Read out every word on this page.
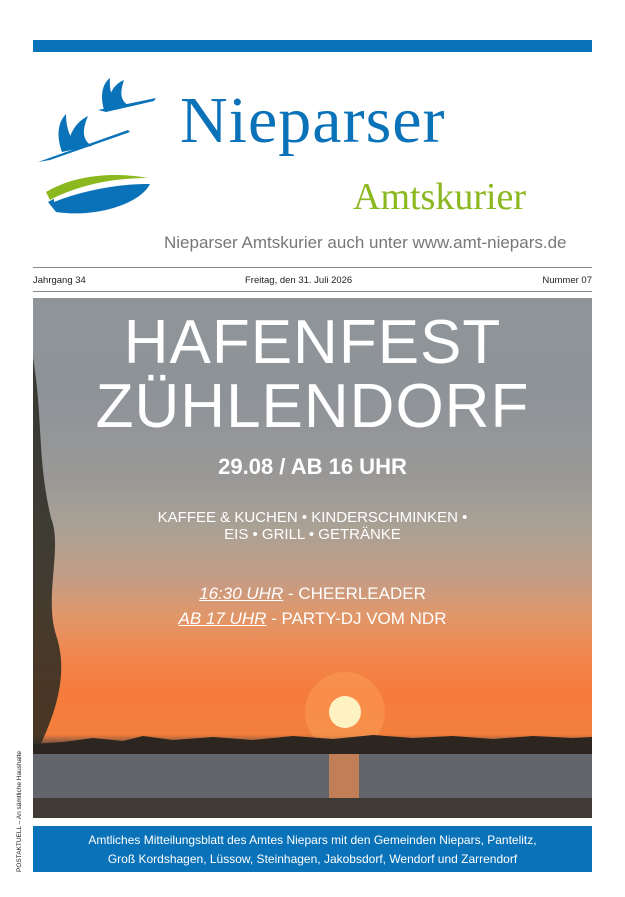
Nieparser
Amtskurier
Nieparser Amtskurier auch unter www.amt-niepars.de
Jahrgang 34	Freitag, den 31. Juli 2026	Nummer 07
HAFENFEST
ZÜHLENDORF
29.08 / AB 16 UHR
KAFFEE & KUCHEN • KINDERSCHMINKEN •
EIS • GRILL • GETRÄNKE
16:30 UHR - CHEERLEADER
AB 17 UHR - PARTY-DJ VOM NDR
Amtliches Mitteilungsblatt des Amtes Niepars mit den Gemeinden Niepars, Pantelitz,
Groß Kordshagen, Lüssow, Steinhagen, Jakobsdorf, Wendorf und Zarrendorf
POSTAKTUELL – An sämtliche Haushalte
